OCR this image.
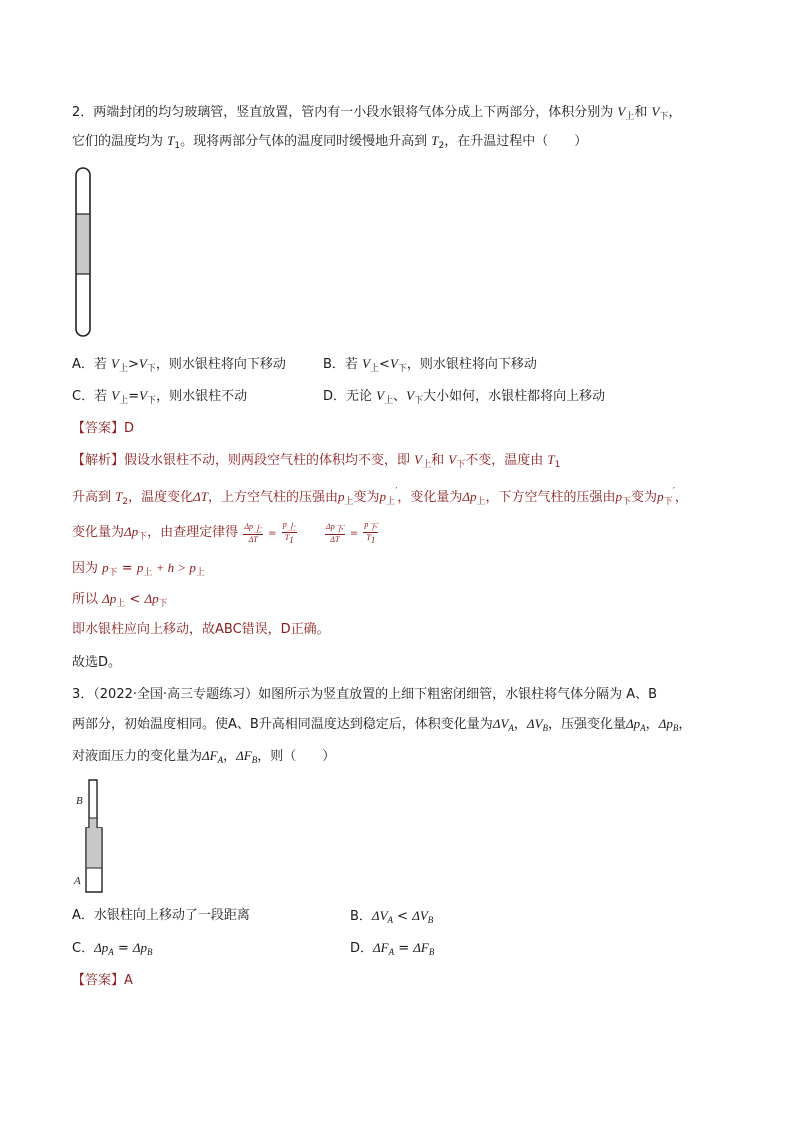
2．两端封闭的均匀玻璃管，竖直放置，管内有一小段水银将气体分成上下两部分，体积分别为 $V_上$和 $V_下$，
它们的温度均为 $T_1$。现将两部分气体的温度同时缓慢地升高到 $T_2$，在升温过程中（　　）
A．若 $V_上>V_下$，则水银柱将向下移动	B．若 $V_上<V_下$，则水银柱将向下移动
C．若 $V_上=V_下$，则水银柱不动	D．无论 $V_上$、$V_下$大小如何，水银柱都将向上移动
【答案】D
【解析】假设水银柱不动，则两段空气柱的体积均不变，即 $V_上$和 $V_下$不变，温度由 $T_1$
升高到 $T_2$，温度变化ΔT，上方空气柱的压强由$p_上$变为$p_上'$，变化量为$\Delta p_上$，下方空气柱的压强由$p_下$变为$p_下'$，
变化量为$\Delta p_下$，由查理定律得 $\frac{\text{Δp上}}{\Delta T} = \frac{\text{p上}}{T1}$
	$\frac{\text{Δp下}}{\Delta T} = \frac{\text{p下}}{T1}$
因为 $p_下 = p_上 + h > p_上$
所以 $\Delta p_上 < \Delta p_下$
即水银柱应向上移动，故ABC错误，D正确。
故选D。
3．（2022·全国·高三专题练习）如图所示为竖直放置的上细下粗密闭细管，水银柱将气体分隔为 A、B
两部分，初始温度相同。使A、B升高相同温度达到稳定后，体积变化量为$\Delta V_A$，$\Delta V_B$，压强变化量$\Delta p_A$，$\Delta p_B$，
对液面压力的变化量为$\Delta F_A$，$\Delta F_B$，则（　　）
B
A
A．水银柱向上移动了一段距离	B．$\Delta V_A < \Delta V_B$
C．$\Delta p_A = \Delta p_B$	D．$\Delta F_A = \Delta F_B$
【答案】A
